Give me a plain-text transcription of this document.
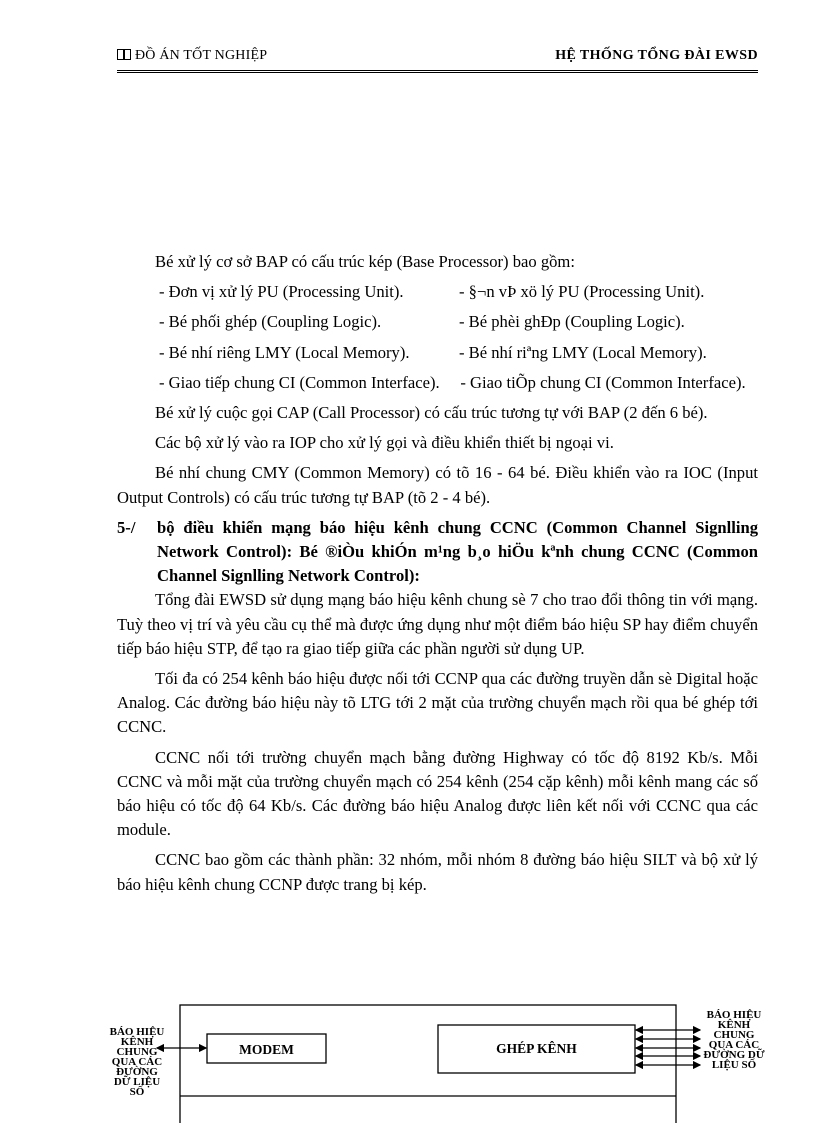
ĐỒ ÁN TỐT NGHIỆP	HỆ THỐNG TỔNG ĐÀI EWSD

Bé xử lý cơ sở BAP có cấu trúc kép (Base Processor) bao gồm:

- Đơn vị xử lý PU (Processing Unit).	- §¬n vÞ xö lý PU (Processing Unit).
- Bé phối ghép (Coupling Logic).	- Bé phèi ghÐp (Coupling Logic).
- Bé nhí riêng LMY (Local Memory).	- Bé nhí riªng LMY (Local Memory).

- Giao tiếp chung CI (Common Interface). - Giao tiÕp chung CI (Common Interface).

Bé xử lý cuộc gọi CAP (Call Processor) có cấu trúc tương tự với BAP (2 đến 6 bé).

Các bộ xử lý vào ra IOP cho xử lý gọi và điều khiển thiết bị ngoại vi.

Bé nhí chung CMY (Common Memory) có tõ 16 - 64 bé. Điều khiển vào ra IOC (Input Output Controls) có cấu trúc tương tự BAP (tõ 2 - 4 bé).

5-/	bộ điều khiển mạng báo hiệu kênh chung CCNC (Common Channel Signlling Network Control): Bé ®iÒu khiÓn m¹ng b¸o hiÖu kªnh chung CCNC (Common Channel Signlling Network Control):

Tổng đài EWSD sử dụng mạng báo hiệu kênh chung sè 7 cho trao đổi thông tin với mạng. Tuỳ theo vị trí và yêu cầu cụ thể mà được ứng dụng như một điểm báo hiệu SP hay điểm chuyển tiếp báo hiệu STP, để tạo ra giao tiếp giữa các phần người sử dụng UP.

Tối đa có 254 kênh báo hiệu được nối tới CCNP qua các đường truyền dẫn sè Digital hoặc Analog. Các đường báo hiệu này tõ LTG tới 2 mặt của trường chuyển mạch rồi qua bé ghép tới CCNC.

CCNC nối tới trường chuyển mạch bằng đường Highway có tốc độ 8192 Kb/s. Mỗi CCNC và mỗi mặt của trường chuyển mạch có 254 kênh (254 cặp kênh) mỗi kênh mang các số báo hiệu có tốc độ 64 Kb/s. Các đường báo hiệu Analog được liên kết nối với CCNC qua các module.

CCNC bao gồm các thành phần: 32 nhóm, mỗi nhóm 8 đường báo hiệu SILT và bộ xử lý báo hiệu kênh chung CCNP được trang bị kép.

BÁO HIỆU
KÊNH
CHUNG
QUA CÁC
ĐƯỜNG
DỮ LIỆU
SỐ
MODEM	GHÉP KÊNH
BÁO HIỆU
KÊNH
CHUNG
QUA CÁC
ĐƯỜNG DỮ
LIỆU SỐ
